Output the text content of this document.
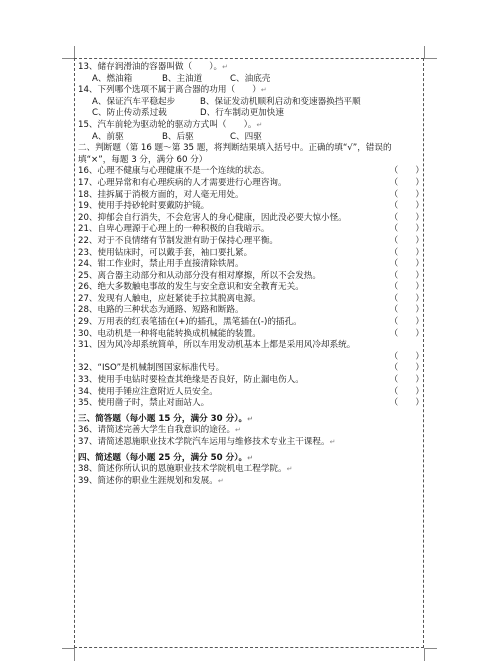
13、储存润滑油的容器叫做（　　）。↵
A、燃油箱	B、主油道	C、油底壳
14、下列哪个选项不属于离合器的功用（　　）↵
A、保证汽车平稳起步	B、保证发动机顺利启动和变速器换挡平顺
C、防止传动系过载	D、行车制动更加快速
15、汽车前轮为驱动轮的驱动方式叫（　　）。↵
A、前驱	B、后驱	C、四驱
二、判断题（第 16 题～第 35 题，将判断结果填入括号中。正确的填“√”，错误的填“×”，每题 3 分，满分 60 分）
16、心理不健康与心理健康不是一个连续的状态。	（　　）
17、心理异常和有心理疾病的人才需要进行心理咨询。	（　　）
18、挂拆属于消极方面的，对人毫无用处。	（　　）
19、使用手持砂轮时要戴防护镜。	（　　）
20、抑郁会自行消失，不会危害人的身心健康，因此没必要大惊小怪。	（　　）
21、自卑心理源于心理上的一种积极的自我暗示。	（　　）
22、对于不良情绪有节制发泄有助于保持心理平衡。	（　　）
23、使用钻床时，可以戴手套，袖口要扎紧。	（　　）
24、钳工作业时，禁止用手直接清除铁屑。	（　　）
25、离合器主动部分和从动部分没有相对摩擦，所以不会发热。	（　　）
26、绝大多数触电事故的发生与安全意识和安全教育无关。	（　　）
27、发现有人触电，应赶紧徒手拉其脱离电源。	（　　）
28、电路的三种状态为通路、短路和断路。	（　　）
29、万用表的红表笔插在(+)的插孔，黑笔插在(-)的插孔。	（　　）
30、电动机是一种将电能转换成机械能的装置。	（　　）
31、因为风冷却系统简单，所以车用发动机基本上都是采用风冷却系统。
（　　）
32、“ISO”是机械制图国家标准代号。	（　　）
33、使用手电钻时要检查其绝缘是否良好，防止漏电伤人。	（　　）
34、使用手锤应注意附近人员安全。	（　　）
35、使用凿子时，禁止对面站人。	（　　）
三、简答题（每小题 15 分，满分 30 分）。↵
36、请简述完善大学生自我意识的途径。↵
37、请简述恩施职业技术学院汽车运用与维修技术专业主干课程。↵
四、简述题（每小题 25 分，满分 50 分）。↵
38、简述你所认识的恩施职业技术学院机电工程学院。↵
39、简述你的职业生涯规划和发展。↵
